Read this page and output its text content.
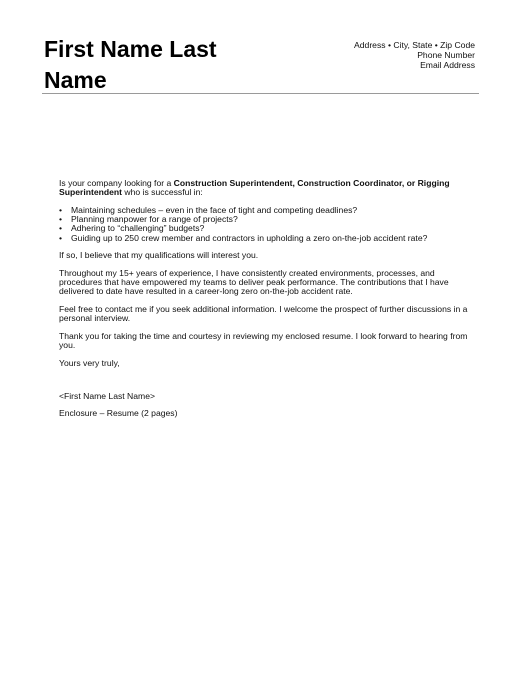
First Name Last
Name
Address • City, State • Zip Code
Phone Number
Email Address

Is your company looking for a Construction Superintendent, Construction Coordinator, or Rigging Superintendent who is successful in:

• Maintaining schedules – even in the face of tight and competing deadlines?
• Planning manpower for a range of projects?
• Adhering to “challenging” budgets?
• Guiding up to 250 crew member and contractors in upholding a zero on-the-job accident rate?

If so, I believe that my qualifications will interest you.

Throughout my 15+ years of experience, I have consistently created environments, processes, and procedures that have empowered my teams to deliver peak performance. The contributions that I have delivered to date have resulted in a career-long zero on-the-job accident rate.

Feel free to contact me if you seek additional information. I welcome the prospect of further discussions in a personal interview.

Thank you for taking the time and courtesy in reviewing my enclosed resume. I look forward to hearing from you.

Yours very truly,

<First Name Last Name>

Enclosure – Resume (2 pages)
